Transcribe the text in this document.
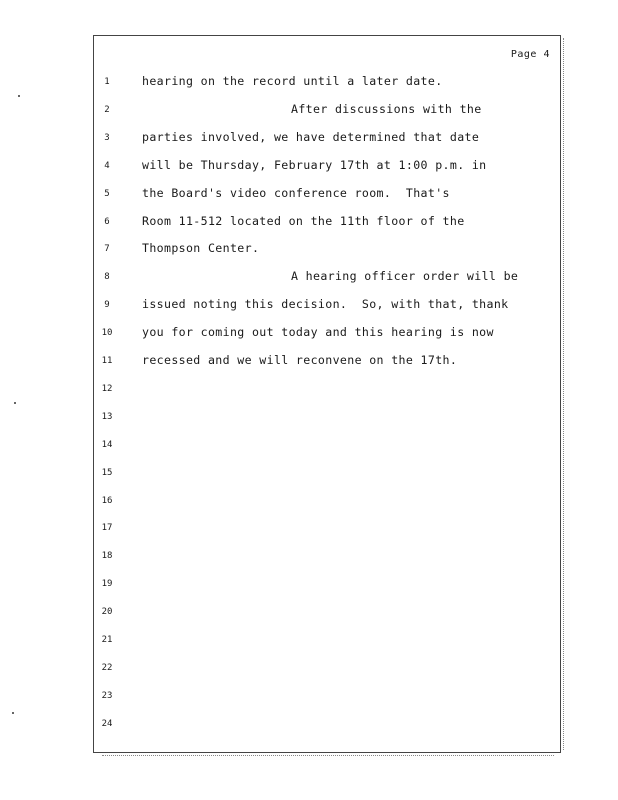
Page 4
1	hearing on the record until a later date.
2	After discussions with the
3	parties involved, we have determined that date
4	will be Thursday, February 17th at 1:00 p.m. in
5	the Board's video conference room.  That's
6	Room 11-512 located on the 11th floor of the
7	Thompson Center.
8	A hearing officer order will be
9	issued noting this decision.  So, with that, thank
10	you for coming out today and this hearing is now
11	recessed and we will reconvene on the 17th.
12
13
14
15
16
17
18
19
20
21
22
23
24
